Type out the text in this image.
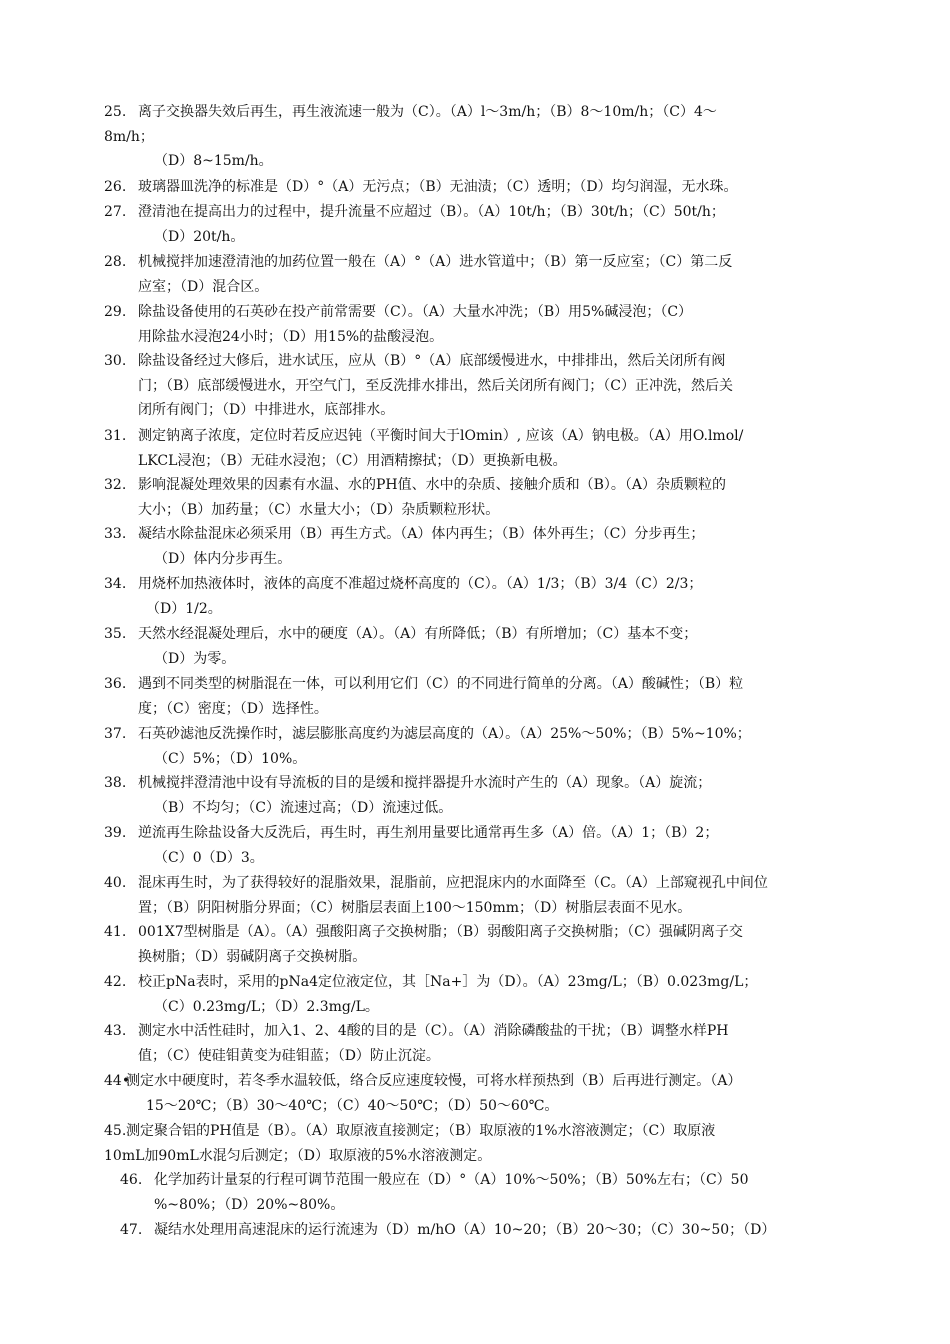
25. 离子交换器失效后再生，再生液流速一般为（C）。（A）l〜3m/h；（B）8〜10m/h；（C）4〜
8m/h；
（D）8~15m/h。
26. 玻璃器皿洗净的标准是（D）°（A）无污点；（B）无油渍；（C）透明；（D）均匀润湿，无水珠。
27. 澄清池在提高出力的过程中，提升流量不应超过（B）。（A）10t/h；（B）30t/h；（C）50t/h；
（D）20t/h。
28. 机械搅拌加速澄清池的加药位置一般在（A）°（A）进水管道中；（B）第一反应室；（C）第二反
应室；（D）混合区。
29. 除盐设备使用的石英砂在投产前常需要（C）。（A）大量水冲洗；（B）用5%碱浸泡；（C）
用除盐水浸泡24小时；（D）用15%的盐酸浸泡。
30. 除盐设备经过大修后，进水试压，应从（B）°（A）底部缓慢进水，中排排出，然后关闭所有阀
门；（B）底部缓慢进水，开空气门，至反洗排水排出，然后关闭所有阀门；（C）正冲洗，然后关
闭所有阀门；（D）中排进水，底部排水。
31. 测定钠离子浓度，定位时若反应迟钝（平衡时间大于lOmin）, 应该（A）钠电极。（A）用O.lmol/
LKCL浸泡；（B）无硅水浸泡；（C）用酒精擦拭；（D）更换新电极。
32. 影响混凝处理效果的因素有水温、水的PH值、水中的杂质、接触介质和（B）。（A）杂质颗粒的
大小；（B）加药量；（C）水量大小；（D）杂质颗粒形状。
33. 凝结水除盐混床必须采用（B）再生方式。（A）体内再生；（B）体外再生；（C）分步再生；
（D）体内分步再生。
34. 用烧杯加热液体时，液体的高度不准超过烧杯高度的（C）。（A）1/3；（B）3/4（C）2/3；
（D）1/2。
35. 天然水经混凝处理后，水中的硬度（A）。（A）有所降低；（B）有所增加；（C）基本不变；
（D）为零。
36. 遇到不同类型的树脂混在一体，可以利用它们（C）的不同进行简单的分离。（A）酸碱性；（B）粒
度；（C）密度；（D）选择性。
37. 石英砂滤池反洗操作时，滤层膨胀高度约为滤层高度的（A）。（A）25%〜50%；（B）5%~10%；
（C）5%；（D）10%。
38. 机械搅拌澄清池中设有导流板的目的是缓和搅拌器提升水流时产生的（A）现象。（A）旋流；
（B）不均匀；（C）流速过高；（D）流速过低。
39. 逆流再生除盐设备大反洗后，再生时，再生剂用量要比通常再生多（A）倍。（A）1；（B）2；
（C）0（D）3。
40. 混床再生时，为了获得较好的混脂效果，混脂前，应把混床内的水面降至（C。（A）上部窥视孔中间位
置；（B）阴阳树脂分界面；（C）树脂层表面上100〜150mm；（D）树脂层表面不见水。
41. 001X7型树脂是（A）。（A）强酸阳离子交换树脂；（B）弱酸阳离子交换树脂；（C）强碱阴离子交
换树脂；（D）弱碱阴离子交换树脂。
42. 校正pNa表时，采用的pNa4定位液定位，其［Na+］为（D）。（A）23mg/L；（B）0.023mg/L；
（C）0.23mg/L；（D）2.3mg/L。
43. 测定水中活性硅时，加入1、2、4酸的目的是（C）。（A）消除磷酸盐的干扰；（B）调整水样PH
值；（C）使硅钼黄变为硅钼蓝；（D）防止沉淀。
44•
测定水中硬度时，若冬季水温较低，络合反应速度较慢，可将水样预热到（B）后再进行测定。（A）
15〜20℃；（B）30〜40℃；（C）40〜50℃；（D）50〜60℃。
45. 测定聚合铝的PH值是（B）。（A）取原液直接测定；（B）取原液的1%水溶液测定；（C）取原液
10mL加90mL水混匀后测定；（D）取原液的5%水溶液测定。
46. 化学加药计量泵的行程可调节范围一般应在（D）°（A）10%〜50%；（B）50%左右；（C）50
%~80%；（D）20%~80%。
47. 凝结水处理用高速混床的运行流速为（D）m/hO（A）10~20；（B）20〜30；（C）30~50；（D）
